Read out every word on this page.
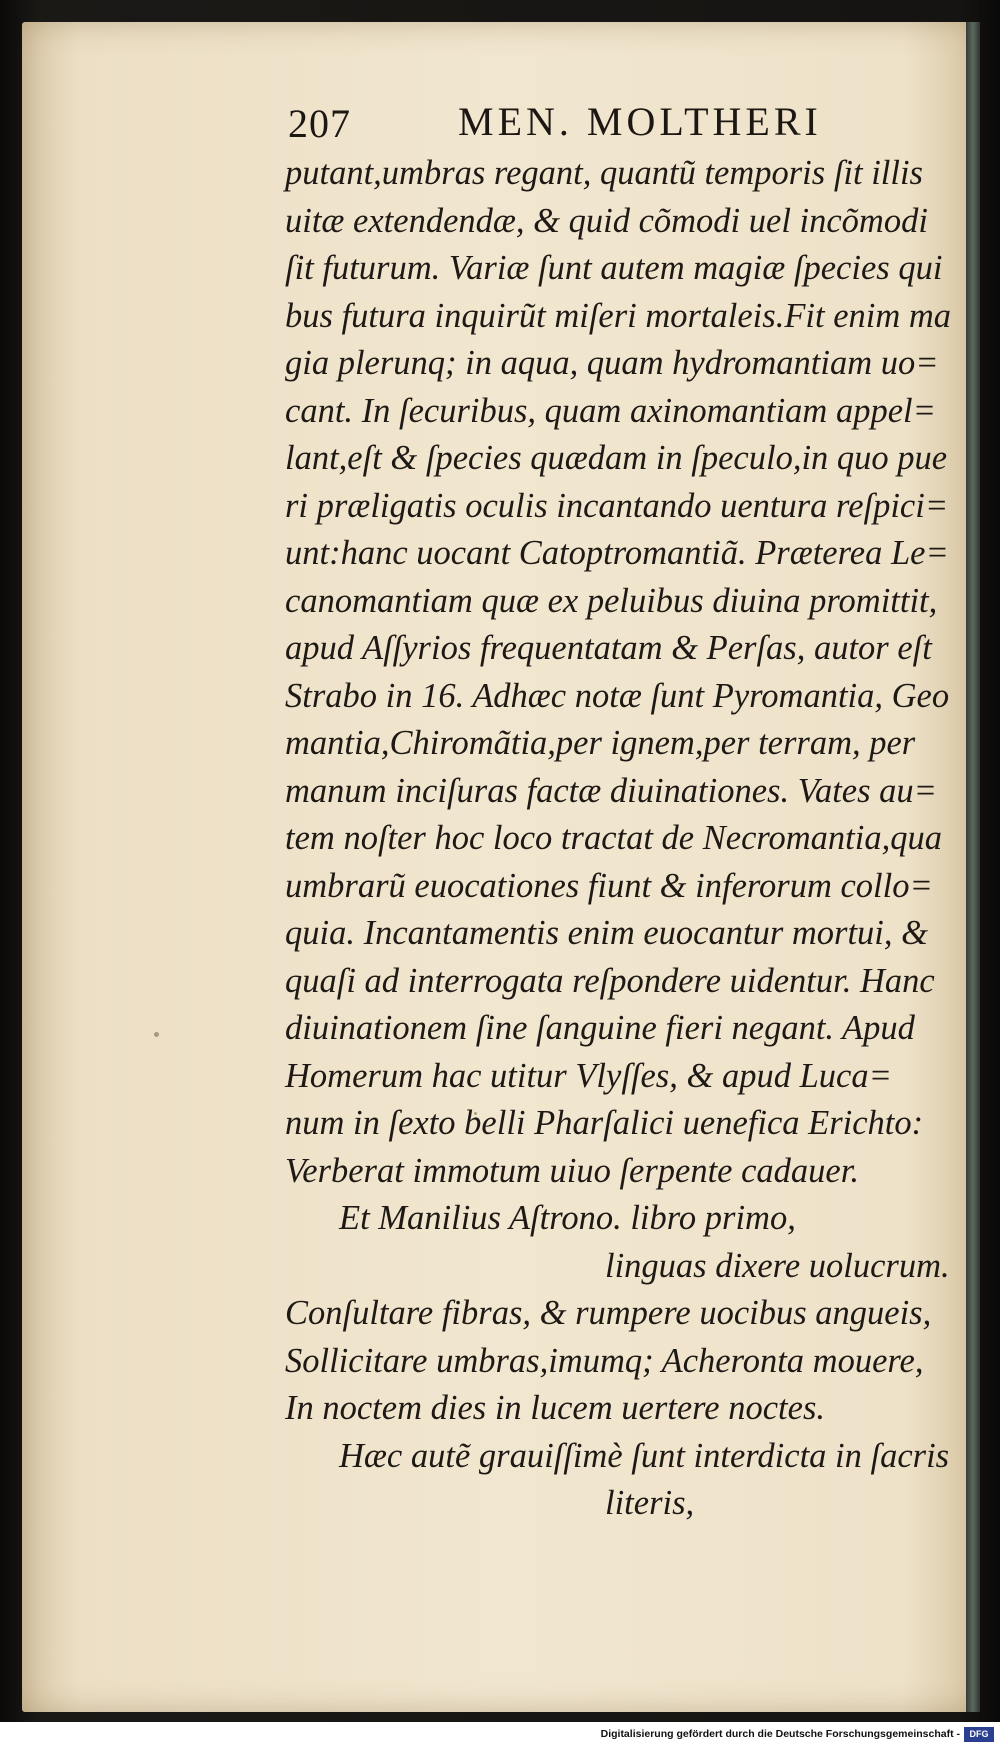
207	MEN. MOLTHERI
putant,umbras regant, quantũ temporis ſit illis
uitæ extendendæ, & quid cõmodi uel incõmodi
ſit futurum. Variæ ſunt autem magiæ ſpecies qui
bus futura inquirũt miſeri mortaleis.Fit enim ma
gia plerunq; in aqua, quam hydromantiam uo=
cant. In ſecuribus, quam axinomantiam appel=
lant,eſt & ſpecies quædam in ſpeculo,in quo pue
ri præligatis oculis incantando uentura reſpici=
unt:hanc uocant Catoptromantiã. Præterea Le=
canomantiam quæ ex peluibus diuina promittit,
apud Aſſyrios frequentatam & Perſas, autor eſt
Strabo in 16. Adhæc notæ ſunt Pyromantia, Geo
mantia,Chiromãtia,per ignem,per terram, per
manum inciſuras factæ diuinationes. Vates au=
tem noſter hoc loco tractat de Necromantia,qua
umbrarũ euocationes fiunt & inferorum collo=
quia. Incantamentis enim euocantur mortui, &
quaſi ad interrogata reſpondere uidentur. Hanc
diuinationem ſine ſanguine fieri negant. Apud
Homerum hac utitur Vlyſſes, & apud Luca=
num in ſexto belli Pharſalici uenefica Erichto:
Verberat immotum uiuo ſerpente cadauer.
Et Manilius Aſtrono. libro primo,
linguas dixere uolucrum.
Conſultare fibras, & rumpere uocibus angueis,
Sollicitare umbras,imumq; Acheronta mouere,
In noctem dies in lucem uertere noctes.
Hæc autẽ grauiſſimè ſunt interdicta in ſacris
literis,
Digitalisierung gefördert durch die Deutsche Forschungsgemeinschaft -	DFG
